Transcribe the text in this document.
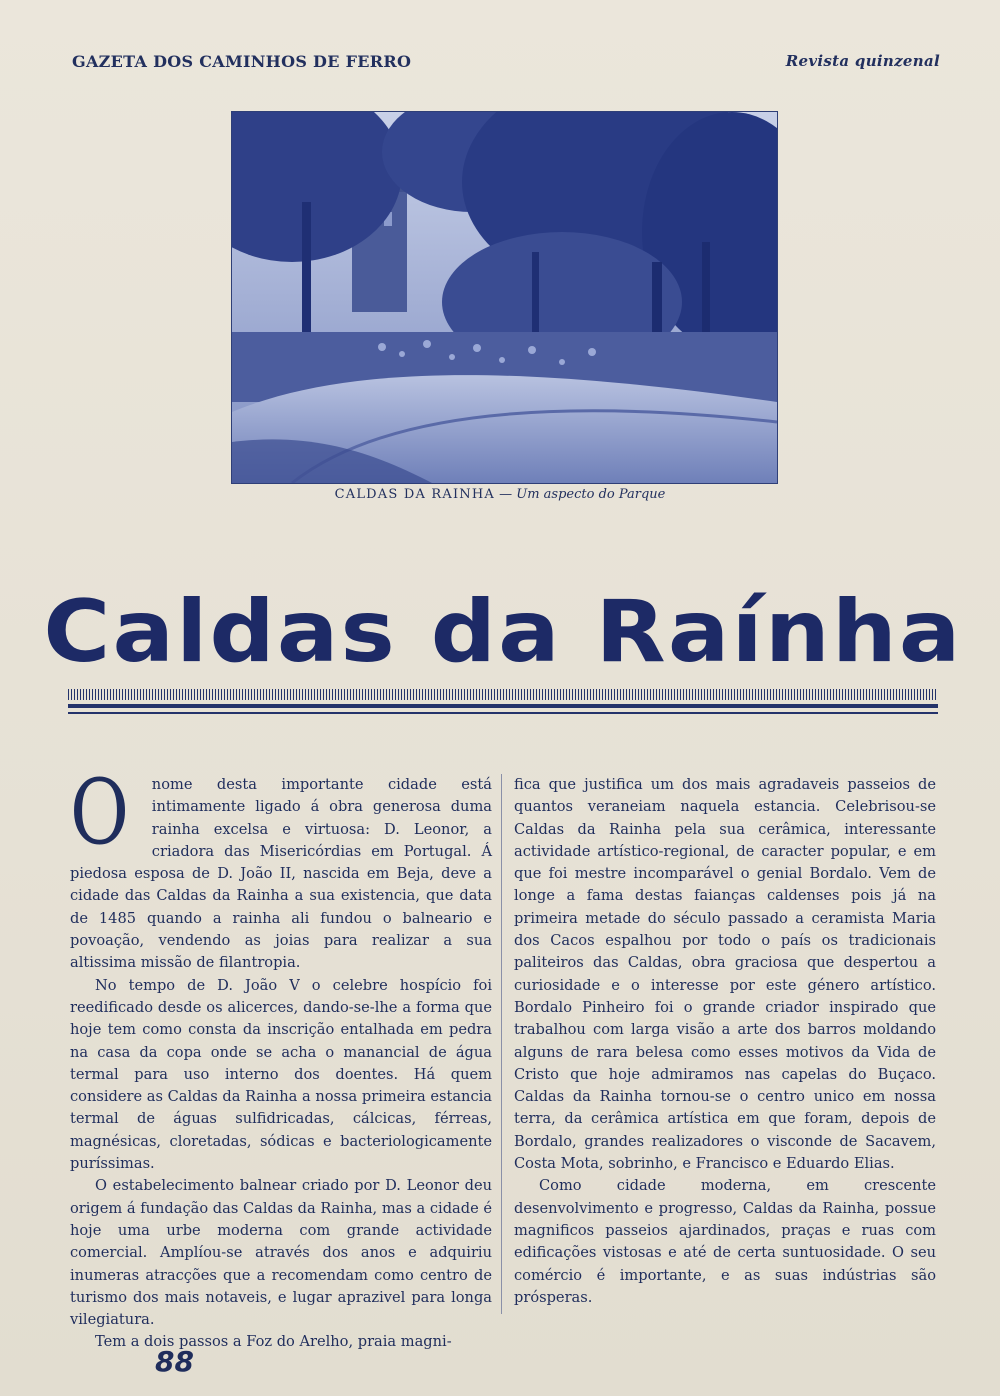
GAZETA DOS CAMINHOS DE FERRO	Revista quinzenal
CALDAS DA RAINHA — Um aspecto do Parque
Caldas da Raínha

O nome desta importante cidade está intimamente ligado á obra generosa duma rainha excelsa e virtuosa: D. Leonor, a criadora das Misericórdias em Portugal. Á piedosa esposa de D. João II, nascida em Beja, deve a cidade das Caldas da Rainha a sua existencia, que data de 1485 quando a rainha ali fundou o balneario e povoação, vendendo as joias para realizar a sua altissima missão de filantropia.

No tempo de D. João V o celebre hospício foi reedificado desde os alicerces, dando-se-lhe a forma que hoje tem como consta da inscrição entalhada em pedra na casa da copa onde se acha o manancial de água termal para uso interno dos doentes. Há quem considere as Caldas da Rainha a nossa primeira estancia termal de águas sulfidricadas, cálcicas, férreas, magnésicas, cloretadas, sódicas e bacteriologicamente puríssimas.

O estabelecimento balnear criado por D. Leonor deu origem á fundação das Caldas da Rainha, mas a cidade é hoje uma urbe moderna com grande actividade comercial. Amplíou-se através dos anos e adquiriu inumeras atracções que a recomendam como centro de turismo dos mais notaveis, e lugar aprazivel para longa vilegiatura.

Tem a dois passos a Foz do Arelho, praia magni-

fica que justifica um dos mais agradaveis passeios de quantos veraneiam naquela estancia. Celebrisou-se Caldas da Rainha pela sua cerâmica, interessante actividade artístico-regional, de caracter popular, e em que foi mestre incomparável o genial Bordalo. Vem de longe a fama destas faianças caldenses pois já na primeira metade do século passado a ceramista Maria dos Cacos espalhou por todo o país os tradicionais paliteiros das Caldas, obra graciosa que despertou a curiosidade e o interesse por este género artístico. Bordalo Pinheiro foi o grande criador inspirado que trabalhou com larga visão a arte dos barros moldando alguns de rara belesa como esses motivos da Vida de Cristo que hoje admiramos nas capelas do Buçaco. Caldas da Rainha tornou-se o centro unico em nossa terra, da cerâmica artística em que foram, depois de Bordalo, grandes realizadores o visconde de Sacavem, Costa Mota, sobrinho, e Francisco e Eduardo Elias.

Como cidade moderna, em crescente desenvolvimento e progresso, Caldas da Rainha, possue magnificos passeios ajardinados, praças e ruas com edificações vistosas e até de certa suntuosidade. O seu comércio é importante, e as suas indústrias são prósperas.

88
